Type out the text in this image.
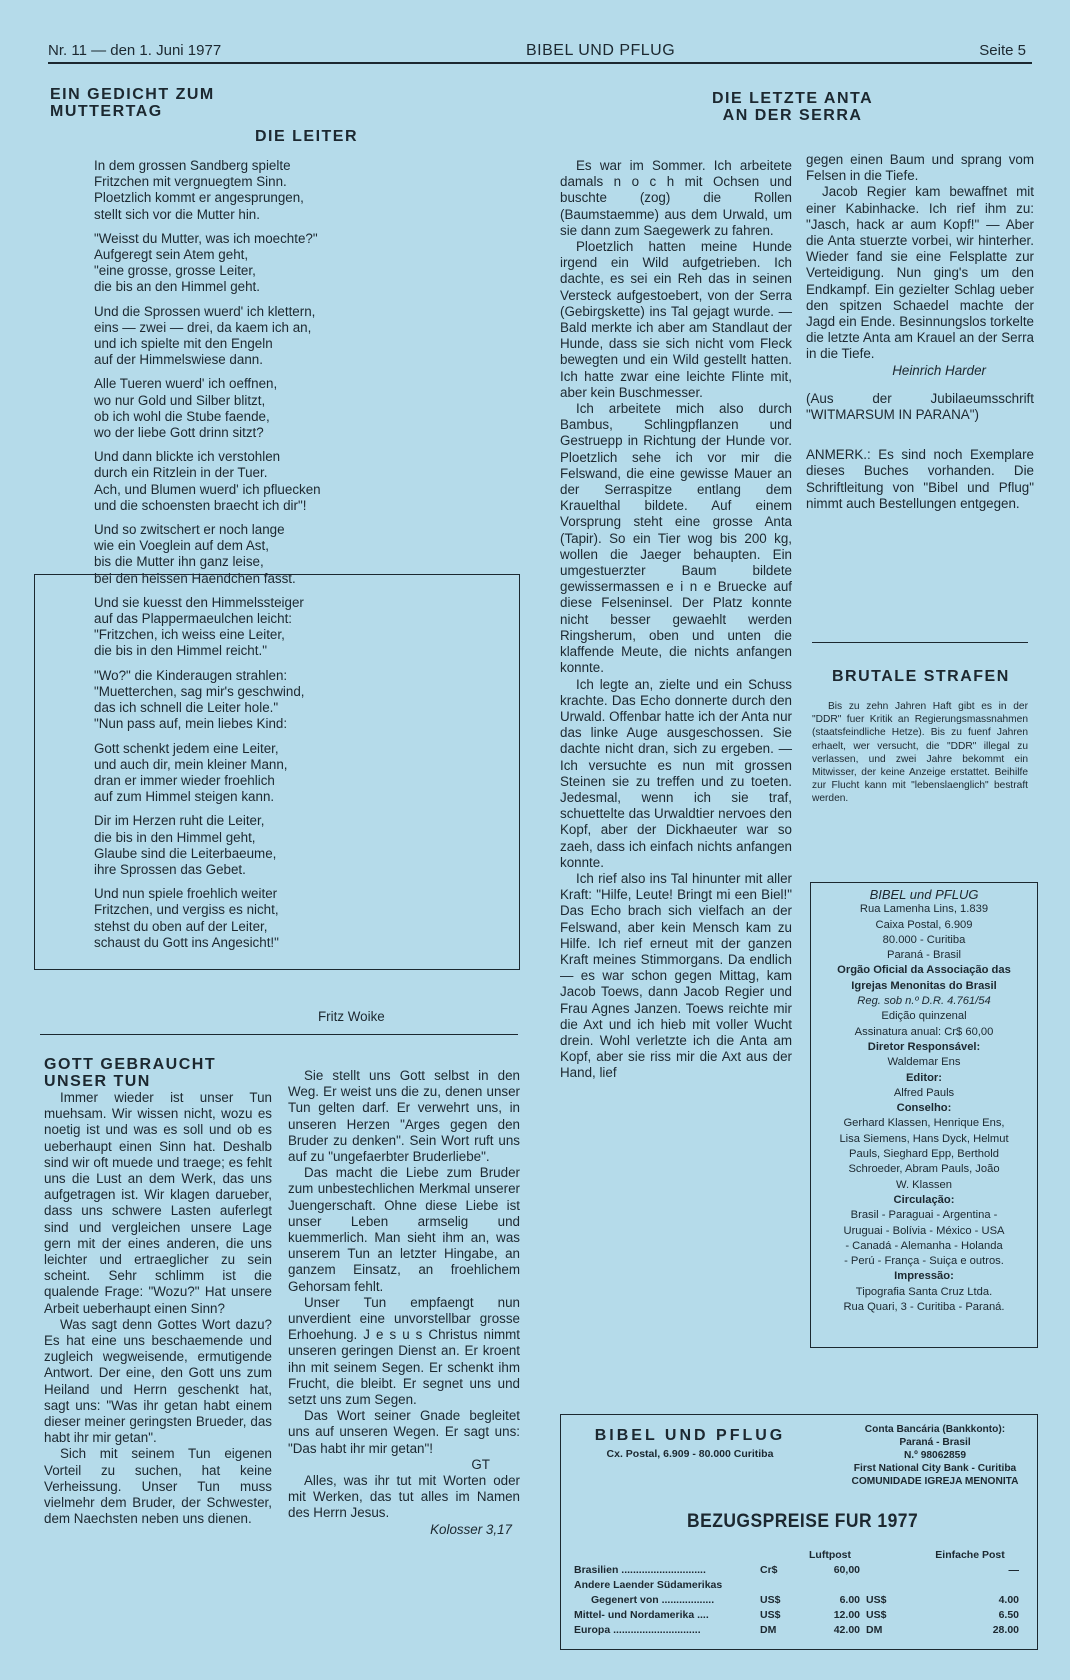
Nr. 11 — den 1. Juni 1977	BIBEL UND PFLUG	Seite 5
EIN GEDICHT ZUM
MUTTERTAG
DIE LEITER

In dem grossen Sandberg spielte

Fritzchen mit vergnuegtem Sinn.

Ploetzlich kommt er angesprungen,

stellt sich vor die Mutter hin.

"Weisst du Mutter, was ich moechte?"

Aufgeregt sein Atem geht,

"eine grosse, grosse Leiter,

die bis an den Himmel geht.

Und die Sprossen wuerd' ich klettern,

eins — zwei — drei, da kaem ich an,

und ich spielte mit den Engeln

auf der Himmelswiese dann.

Alle Tueren wuerd' ich oeffnen,

wo nur Gold und Silber blitzt,

ob ich wohl die Stube faende,

wo der liebe Gott drinn sitzt?

Und dann blickte ich verstohlen

durch ein Ritzlein in der Tuer.

Ach, und Blumen wuerd' ich pfluecken

und die schoensten braecht ich dir"!

Und so zwitschert er noch lange

wie ein Voeglein auf dem Ast,

bis die Mutter ihn ganz leise,

bei den heissen Haendchen fasst.

Und sie kuesst den Himmelssteiger

auf das Plappermaeulchen leicht:

"Fritzchen, ich weiss eine Leiter,

die bis in den Himmel reicht."

"Wo?" die Kinderaugen strahlen:

"Muetterchen, sag mir's geschwind,

das ich schnell die Leiter hole."

"Nun pass auf, mein liebes Kind:

Gott schenkt jedem eine Leiter,

und auch dir, mein kleiner Mann,

dran er immer wieder froehlich

auf zum Himmel steigen kann.

Dir im Herzen ruht die Leiter,

die bis in den Himmel geht,

Glaube sind die Leiterbaeume,

ihre Sprossen das Gebet.

Und nun spiele froehlich weiter

Fritzchen, und vergiss es nicht,

stehst du oben auf der Leiter,

schaust du Gott ins Angesicht!"

Fritz Woike
GOTT GEBRAUCHT
UNSER TUN

Immer wieder ist unser Tun muehsam. Wir wissen nicht, wozu es noetig ist und was es soll und ob es ueberhaupt einen Sinn hat. Deshalb sind wir oft muede und traege; es fehlt uns die Lust an dem Werk, das uns aufgetragen ist. Wir klagen darueber, dass uns schwere Lasten auferlegt sind und vergleichen unsere Lage gern mit der eines anderen, die uns leichter und ertraeglicher zu sein scheint. Sehr schlimm ist die qualende Frage: "Wozu?" Hat unsere Arbeit ueberhaupt einen Sinn?

Was sagt denn Gottes Wort dazu? Es hat eine uns beschaemende und zugleich wegweisende, ermutigende Antwort. Der eine, den Gott uns zum Heiland und Herrn geschenkt hat, sagt uns: "Was ihr getan habt einem dieser meiner geringsten Brueder, das habt ihr mir getan".

Sich mit seinem Tun eigenen Vorteil zu suchen, hat keine Verheissung. Unser Tun muss vielmehr dem Bruder, der Schwester, dem Naechsten neben uns dienen.

Sie stellt uns Gott selbst in den Weg. Er weist uns die zu, denen unser Tun gelten darf. Er verwehrt uns, in unseren Herzen "Arges gegen den Bruder zu denken". Sein Wort ruft uns auf zu "ungefaerbter Bruderliebe".

Das macht die Liebe zum Bruder zum unbestechlichen Merkmal unserer Juengerschaft. Ohne diese Liebe ist unser Leben armselig und kuemmerlich. Man sieht ihm an, was unserem Tun an letzter Hingabe, an ganzem Einsatz, an froehlichem Gehorsam fehlt.

Unser Tun empfaengt nun unverdient eine unvorstellbar grosse Erhoehung. J e s u s Christus nimmt unseren geringen Dienst an. Er kroent ihn mit seinem Segen. Er schenkt ihm Frucht, die bleibt. Er segnet uns und setzt uns zum Segen.

Das Wort seiner Gnade begleitet uns auf unseren Wegen. Er sagt uns: "Das habt ihr mir getan"!

GT

Alles, was ihr tut mit Worten oder mit Werken, das tut alles im Namen des Herrn Jesus.

Kolosser 3,17

DIE LETZTE ANTA
AN DER SERRA

Es war im Sommer. Ich arbeitete damals n o c h mit Ochsen und buschte (zog) die Rollen (Baumstaemme) aus dem Urwald, um sie dann zum Saegewerk zu fahren.

Ploetzlich hatten meine Hunde irgend ein Wild aufgetrieben. Ich dachte, es sei ein Reh das in seinen Versteck aufgestoebert, von der Serra (Gebirgskette) ins Tal gejagt wurde. — Bald merkte ich aber am Standlaut der Hunde, dass sie sich nicht vom Fleck bewegten und ein Wild gestellt hatten. Ich hatte zwar eine leichte Flinte mit, aber kein Buschmesser.

Ich arbeitete mich also durch Bambus, Schlingpflanzen und Gestruepp in Richtung der Hunde vor. Ploetzlich sehe ich vor mir die Felswand, die eine gewisse Mauer an der Serraspitze entlang dem Krauelthal bildete. Auf einem Vorsprung steht eine grosse Anta (Tapir). So ein Tier wog bis 200 kg, wollen die Jaeger behaupten. Ein umgestuerzter Baum bildete gewissermassen e i n e Bruecke auf diese Felseninsel. Der Platz konnte nicht besser gewaehlt werden Ringsherum, oben und unten die klaffende Meute, die nichts anfangen konnte.

Ich legte an, zielte und ein Schuss krachte. Das Echo donnerte durch den Urwald. Offenbar hatte ich der Anta nur das linke Auge ausgeschossen. Sie dachte nicht dran, sich zu ergeben. — Ich versuchte es nun mit grossen Steinen sie zu treffen und zu toeten. Jedesmal, wenn ich sie traf, schuettelte das Urwaldtier nervoes den Kopf, aber der Dickhaeuter war so zaeh, dass ich einfach nichts anfangen konnte.

Ich rief also ins Tal hinunter mit aller Kraft: "Hilfe, Leute! Bringt mi een Biel!" Das Echo brach sich vielfach an der Felswand, aber kein Mensch kam zu Hilfe. Ich rief erneut mit der ganzen Kraft meines Stimmorgans. Da endlich — es war schon gegen Mittag, kam Jacob Toews, dann Jacob Regier und Frau Agnes Janzen. Toews reichte mir die Axt und ich hieb mit voller Wucht drein. Wohl verletzte ich die Anta am Kopf, aber sie riss mir die Axt aus der Hand, lief

gegen einen Baum und sprang vom Felsen in die Tiefe.

Jacob Regier kam bewaffnet mit einer Kabinhacke. Ich rief ihm zu: "Jasch, hack ar aum Kopf!" — Aber die Anta stuerzte vorbei, wir hinterher. Wieder fand sie eine Felsplatte zur Verteidigung. Nun ging's um den Endkampf. Ein gezielter Schlag ueber den spitzen Schaedel machte der Jagd ein Ende. Besinnungslos torkelte die letzte Anta am Krauel an der Serra in die Tiefe.

Heinrich Harder

(Aus der Jubilaeumsschrift "WITMARSUM IN PARANA")

ANMERK.: Es sind noch Exemplare dieses Buches vorhanden. Die Schriftleitung von "Bibel und Pflug" nimmt auch Bestellungen entgegen.

BRUTALE STRAFEN

Bis zu zehn Jahren Haft gibt es in der "DDR" fuer Kritik an Regierungsmassnahmen (staatsfeindliche Hetze). Bis zu fuenf Jahren erhaelt, wer versucht, die "DDR" illegal zu verlassen, und zwei Jahre bekommt ein Mitwisser, der keine Anzeige erstattet. Beihilfe zur Flucht kann mit "lebenslaenglich" bestraft werden.

BIBEL und PFLUG

Rua Lamenha Lins, 1.839

Caixa Postal, 6.909

80.000 - Curitiba

Paraná - Brasil

Orgão Oficial da Associação das

Igrejas Menonitas do Brasil

Reg. sob n.º D.R. 4.761/54

Edição quinzenal

Assinatura anual: Cr$ 60,00

Diretor Responsável:

Waldemar Ens

Editor:

Alfred Pauls

Conselho:

Gerhard Klassen, Henrique Ens,

Lisa Siemens, Hans Dyck, Helmut

Pauls, Sieghard Epp, Berthold

Schroeder, Abram Pauls, João

W. Klassen

Circulação:

Brasil - Paraguai - Argentina -

Uruguai - Bolívia - México - USA

- Canadá - Alemanha - Holanda

- Perú - França - Suiça e outros.

Impressão:

Tipografia Santa Cruz Ltda.

Rua Quari, 3 - Curitiba - Paraná.

BIBEL UND PFLUG
Cx. Postal, 6.909 - 80.000 Curitiba
Conta Bancária (Bankkonto):
Paraná - Brasil
N.º 98062859
First National City Bank - Curitiba
COMUNIDADE IGREJA MENONITA
BEZUGSPREISE FUR 1977
		Luftpost		Einfache Post
Brasilien .............................	Cr$	60,00		—
Andere Laender Südamerikas				
Gegenert von ..................	US$	6.00	US$	4.00
Mittel- und Nordamerika ....	US$	12.00	US$	6.50
Europa ..............................	DM	42.00	DM	28.00
